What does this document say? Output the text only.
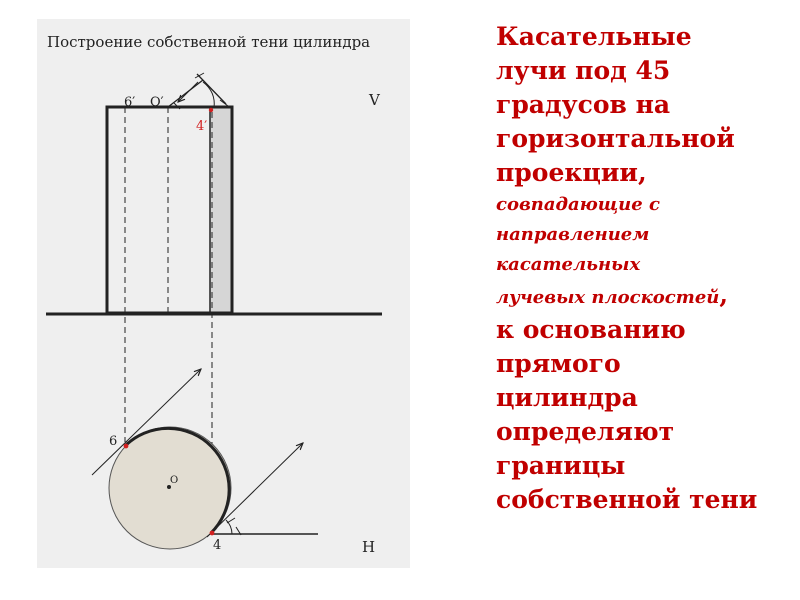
Построение собственной тени цилиндра
6′ O′
4′
V
6
O
4	H
Касательные
лучи под 45
градусов на
горизонтальной
проекции,
совпадающие с
направлением
касательных
лучевых плоскостей,
к основанию
прямого
цилиндра
определяют
границы
собственной тени
